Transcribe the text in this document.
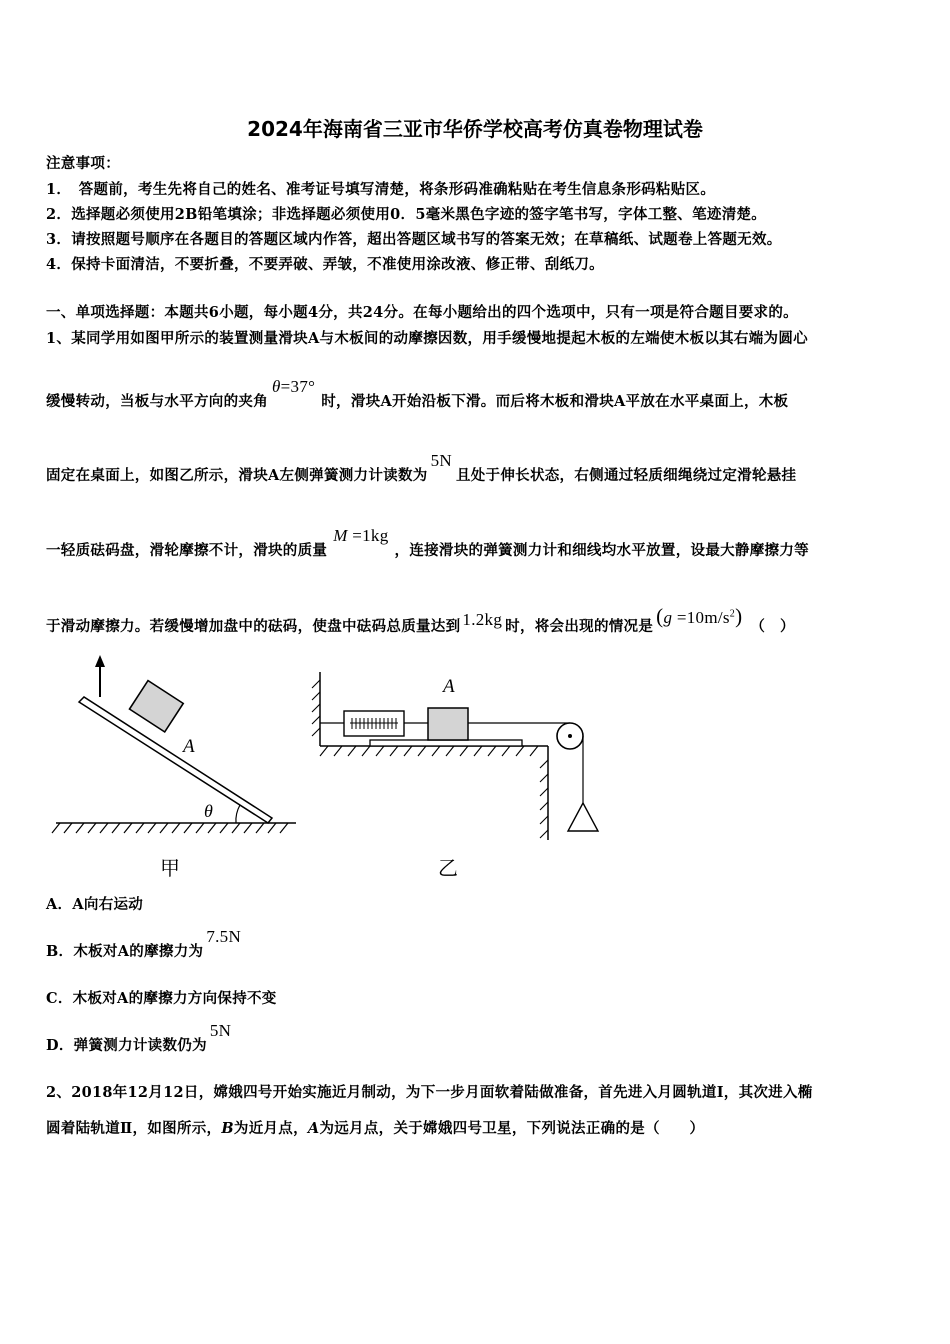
2024年海南省三亚市华侨学校高考仿真卷物理试卷
注意事项：
1．　答题前，考生先将自己的姓名、准考证号填写清楚，将条形码准确粘贴在考生信息条形码粘贴区。
2．选择题必须使用2B铅笔填涂；非选择题必须使用0．5毫米黑色字迹的签字笔书写，字体工整、笔迹清楚。
3．请按照题号顺序在各题目的答题区域内作答，超出答题区域书写的答案无效；在草稿纸、试题卷上答题无效。
4．保持卡面清洁，不要折叠，不要弄破、弄皱，不准使用涂改液、修正带、刮纸刀。
一、单项选择题：本题共6小题，每小题4分，共24分。在每小题给出的四个选项中，只有一项是符合题目要求的。
1、某同学用如图甲所示的装置测量滑块A与木板间的动摩擦因数，用手缓慢地提起木板的左端使木板以其右端为圆心
缓慢转动，当板与水平方向的夹角θ=37°时，滑块A开始沿板下滑。而后将木板和滑块A平放在水平桌面上，木板
固定在桌面上，如图乙所示，滑块A左侧弹簧测力计读数为5N且处于伸长状态，右侧通过轻质细绳绕过定滑轮悬挂
一轻质砝码盘，滑轮摩擦不计，滑块的质量M =1kg，连接滑块的弹簧测力计和细线均水平放置，设最大静摩擦力等
于滑动摩擦力。若缓慢增加盘中的砝码，使盘中砝码总质量达到 1.2kg 时，将会出现的情况是 $(g =10m/s^2)$ （　）
A
θ
甲
A
乙
A．A向右运动
B．木板对A的摩擦力为7.5N
C．木板对A的摩擦力方向保持不变
D．弹簧测力计读数仍为5N
2、2018年12月12日，嫦娥四号开始实施近月制动，为下一步月面软着陆做准备，首先进入月圆轨道Ⅰ，其次进入椭
圆着陆轨道Ⅱ，如图所示，B为近月点，A为远月点，关于嫦娥四号卫星，下列说法正确的是（　　）
